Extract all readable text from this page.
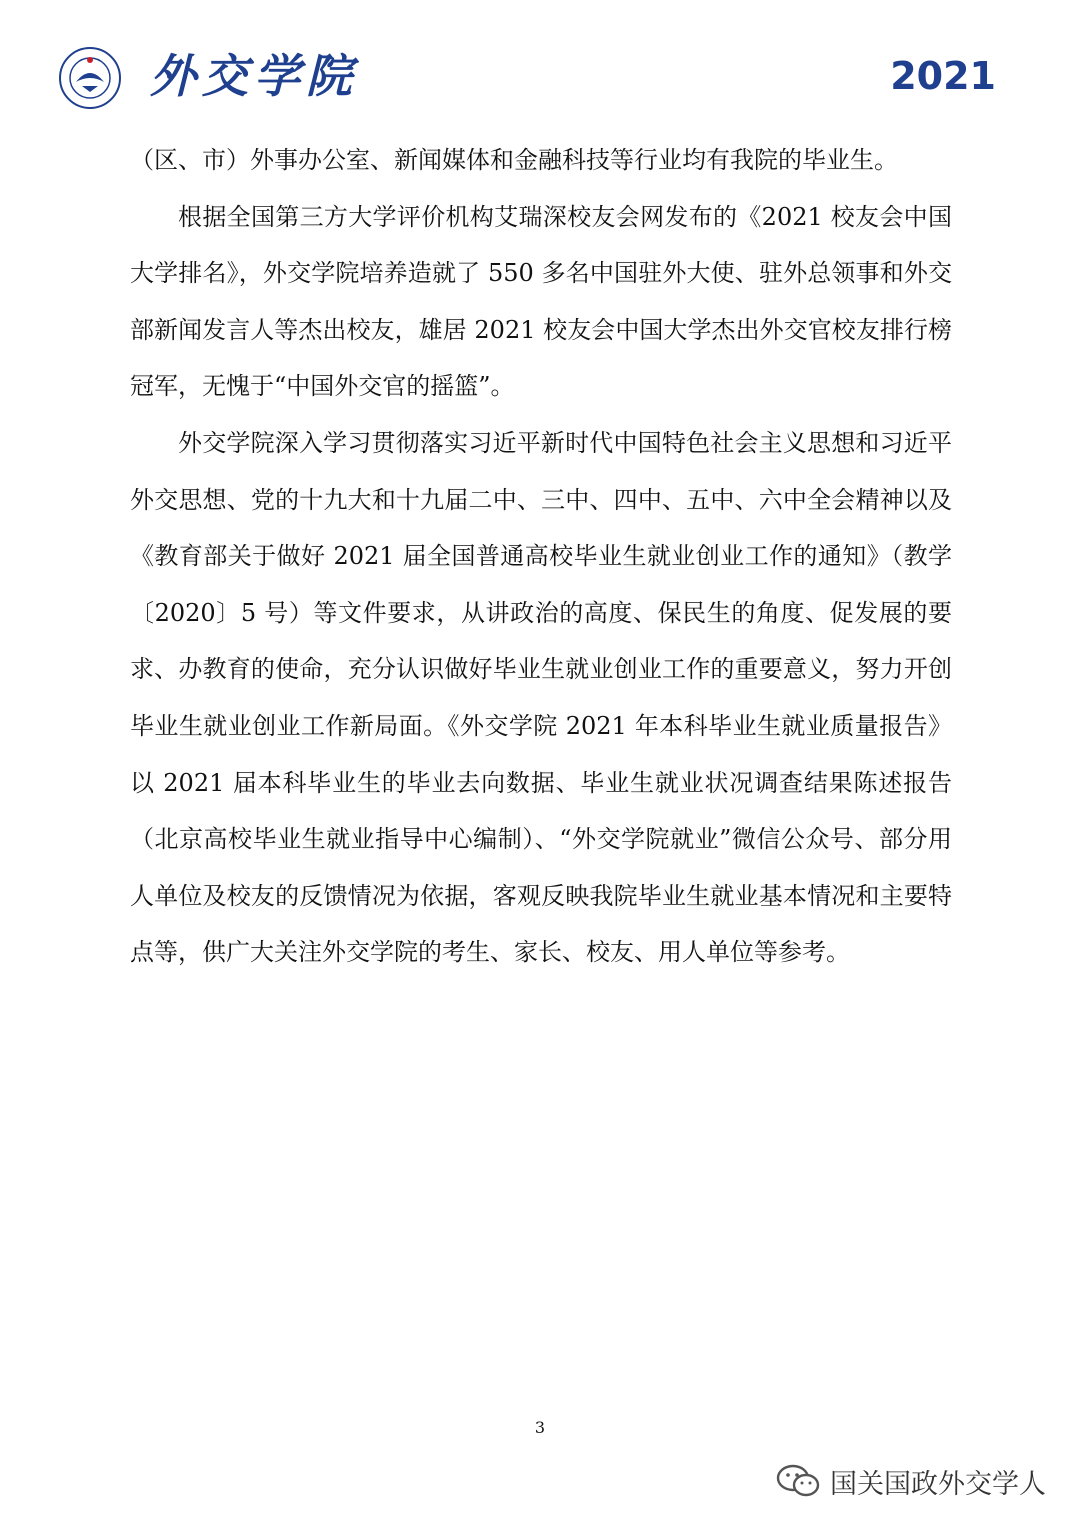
外交学院	2021

（区、市）外事办公室、新闻媒体和金融科技等行业均有我院的毕业生。

根据全国第三方大学评价机构艾瑞深校友会网发布的《2021 校友会中国大学排名》，外交学院培养造就了 550 多名中国驻外大使、驻外总领事和外交部新闻发言人等杰出校友，雄居 2021 校友会中国大学杰出外交官校友排行榜冠军，无愧于“中国外交官的摇篮”。

外交学院深入学习贯彻落实习近平新时代中国特色社会主义思想和习近平外交思想、党的十九大和十九届二中、三中、四中、五中、六中全会精神以及《教育部关于做好 2021 届全国普通高校毕业生就业创业工作的通知》（教学〔2020〕5 号）等文件要求，从讲政治的高度、保民生的角度、促发展的要求、办教育的使命，充分认识做好毕业生就业创业工作的重要意义，努力开创毕业生就业创业工作新局面。《外交学院 2021 年本科毕业生就业质量报告》以 2021 届本科毕业生的毕业去向数据、毕业生就业状况调查结果陈述报告（北京高校毕业生就业指导中心编制）、“外交学院就业”微信公众号、部分用人单位及校友的反馈情况为依据，客观反映我院毕业生就业基本情况和主要特点等，供广大关注外交学院的考生、家长、校友、用人单位等参考。

3
国关国政外交学人
